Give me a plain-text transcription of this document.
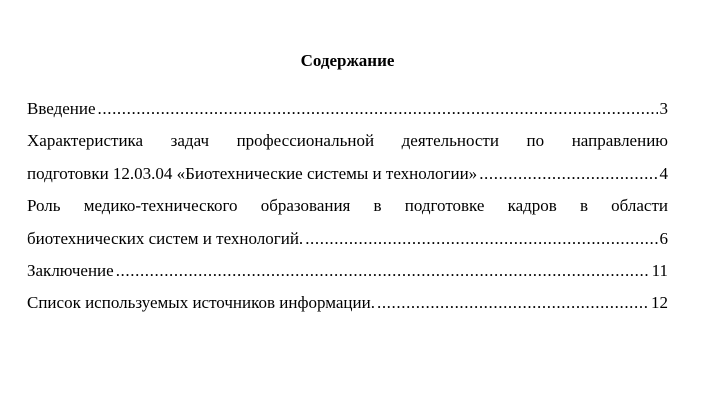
Содержание
Введение .....	3
Характеристика задач профессиональной деятельности по направлению
подготовки 12.03.04 «Биотехнические системы и технологии» .....	4
Роль медико-технического образования в подготовке кадров в области
биотехнических систем и технологий. .....	6
Заключение .....	11
Список используемых источников информации. .....	12
